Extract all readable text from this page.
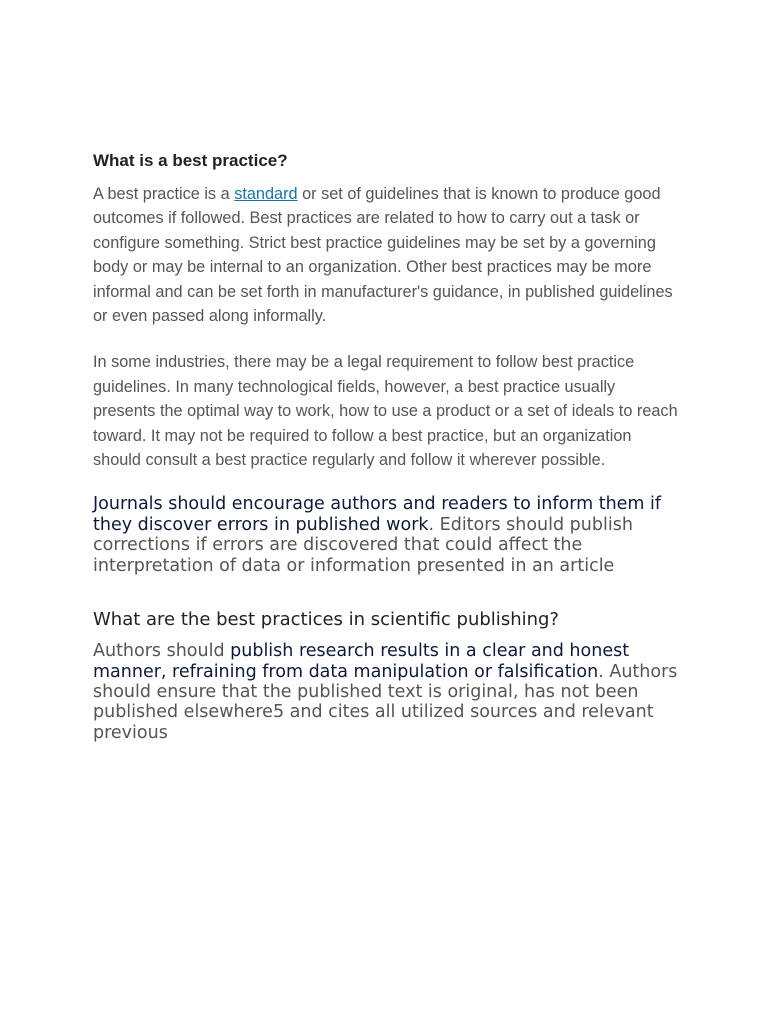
What is a best practice?

A best practice is a standard or set of guidelines that is known to produce good outcomes if followed. Best practices are related to how to carry out a task or configure something. Strict best practice guidelines may be set by a governing body or may be internal to an organization. Other best practices may be more informal and can be set forth in manufacturer's guidance, in published guidelines or even passed along informally.

In some industries, there may be a legal requirement to follow best practice guidelines. In many technological fields, however, a best practice usually presents the optimal way to work, how to use a product or a set of ideals to reach toward. It may not be required to follow a best practice, but an organization should consult a best practice regularly and follow it wherever possible.

Journals should encourage authors and readers to inform them if they discover errors in published work. Editors should publish corrections if errors are discovered that could affect the interpretation of data or information presented in an article

What are the best practices in scientific publishing?

Authors should publish research results in a clear and honest manner, refraining from data manipulation or falsification. Authors should ensure that the published text is original, has not been published elsewhere5 and cites all utilized sources and relevant previous
